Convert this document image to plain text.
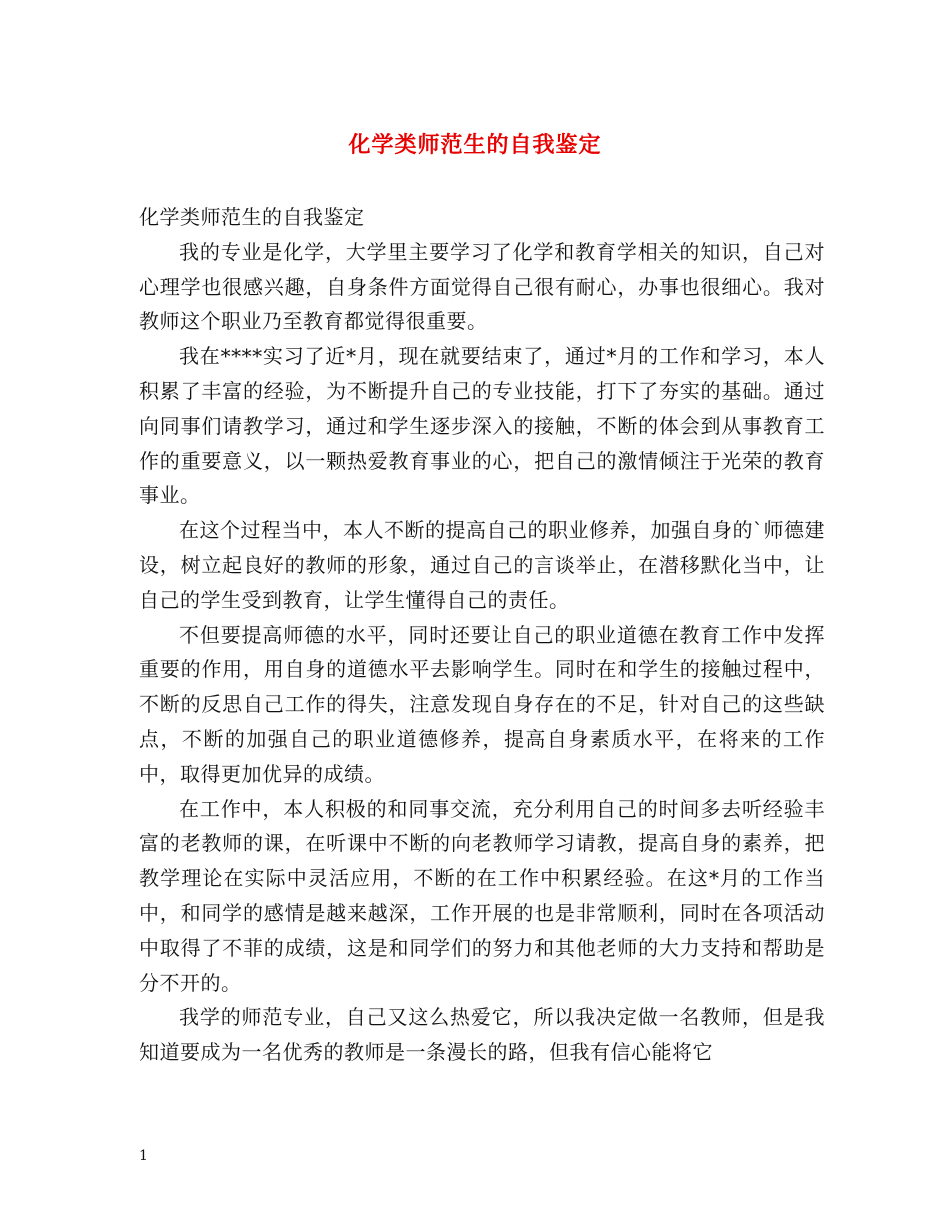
化学类师范生的自我鉴定

化学类师范生的自我鉴定

我的专业是化学，大学里主要学习了化学和教育学相关的知识，自己对心理学也很感兴趣，自身条件方面觉得自己很有耐心，办事也很细心。我对教师这个职业乃至教育都觉得很重要。

我在****实习了近*月，现在就要结束了，通过*月的工作和学习，本人积累了丰富的经验，为不断提升自己的专业技能，打下了夯实的基础。通过向同事们请教学习，通过和学生逐步深入的接触，不断的体会到从事教育工作的重要意义，以一颗热爱教育事业的心，把自己的激情倾注于光荣的教育事业。

在这个过程当中，本人不断的提高自己的职业修养，加强自身的`师德建设，树立起良好的教师的形象，通过自己的言谈举止，在潜移默化当中，让自己的学生受到教育，让学生懂得自己的责任。

不但要提高师德的水平，同时还要让自己的职业道德在教育工作中发挥重要的作用，用自身的道德水平去影响学生。同时在和学生的接触过程中，不断的反思自己工作的得失，注意发现自身存在的不足，针对自己的这些缺点，不断的加强自己的职业道德修养，提高自身素质水平，在将来的工作中，取得更加优异的成绩。

在工作中，本人积极的和同事交流，充分利用自己的时间多去听经验丰富的老教师的课，在听课中不断的向老教师学习请教，提高自身的素养，把教学理论在实际中灵活应用，不断的在工作中积累经验。在这*月的工作当中，和同学的感情是越来越深，工作开展的也是非常顺利，同时在各项活动中取得了不菲的成绩，这是和同学们的努力和其他老师的大力支持和帮助是分不开的。

我学的师范专业，自己又这么热爱它，所以我决定做一名教师，但是我知道要成为一名优秀的教师是一条漫长的路，但我有信心能将它

1
